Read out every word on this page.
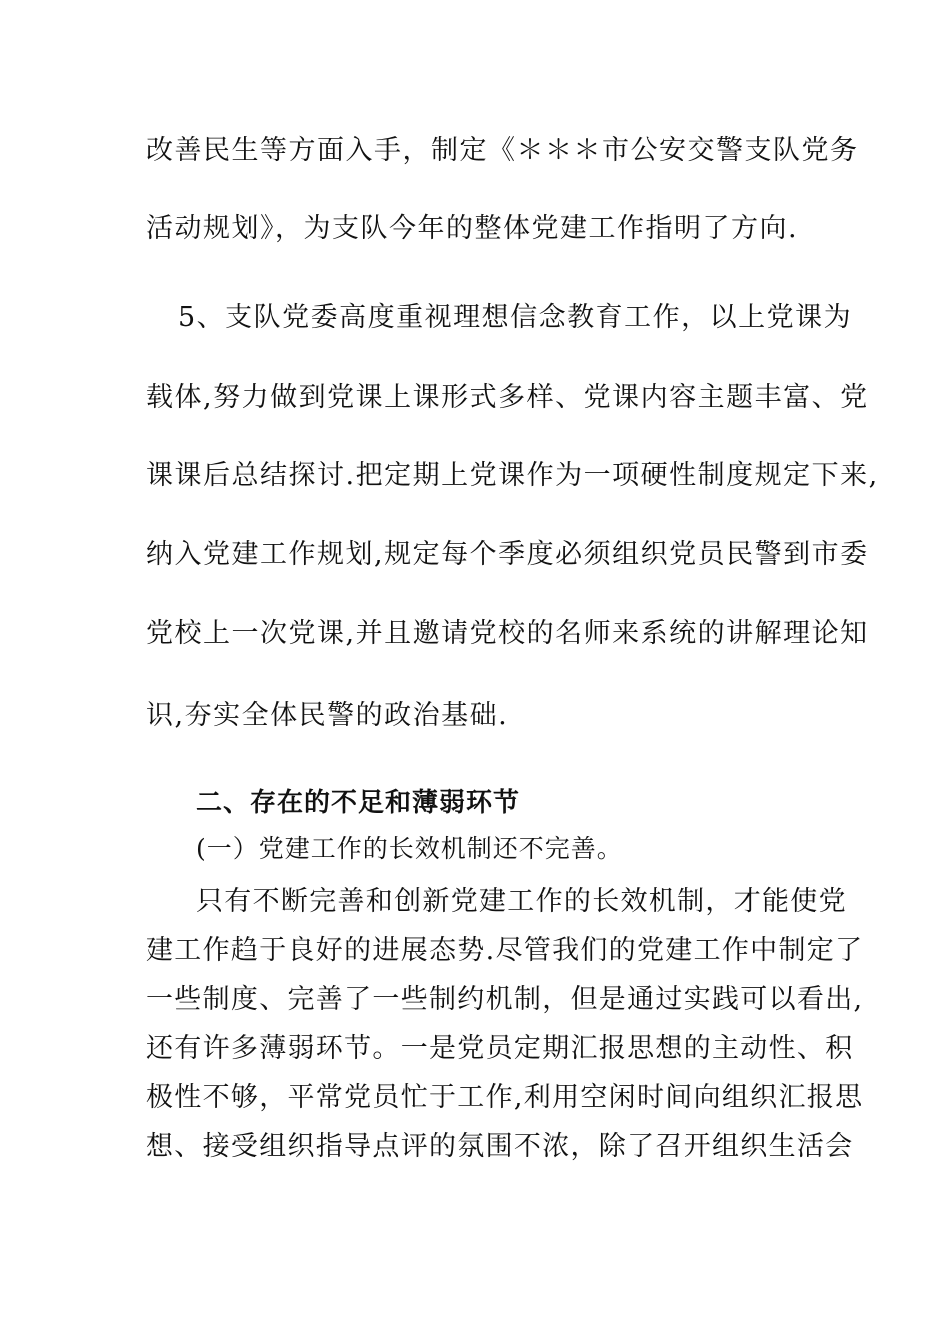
改善民生等方面入手，制定《＊＊＊市公安交警支队党务
活动规划》，为支队今年的整体党建工作指明了方向.
5、支队党委高度重视理想信念教育工作，以上党课为
载体,努力做到党课上课形式多样、党课内容主题丰富、党
课课后总结探讨.把定期上党课作为一项硬性制度规定下来,
纳入党建工作规划,规定每个季度必须组织党员民警到市委
党校上一次党课,并且邀请党校的名师来系统的讲解理论知
识,夯实全体民警的政治基础.
二、存在的不足和薄弱环节
(一）党建工作的长效机制还不完善。
只有不断完善和创新党建工作的长效机制，才能使党
建工作趋于良好的进展态势.尽管我们的党建工作中制定了
一些制度、完善了一些制约机制，但是通过实践可以看出,
还有许多薄弱环节。一是党员定期汇报思想的主动性、积
极性不够，平常党员忙于工作,利用空闲时间向组织汇报思
想、接受组织指导点评的氛围不浓，除了召开组织生活会
